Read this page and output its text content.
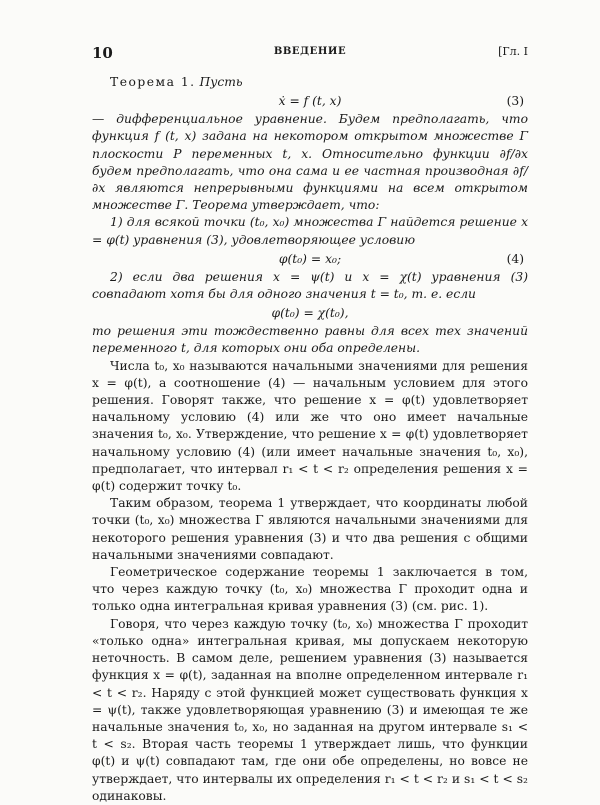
10	ВВЕДЕНИЕ	[Гл. I

Теорема 1. Пусть

ẋ = f (t, x)	(3)

— дифференциальное уравнение. Будем предполагать, что функция f (t, x) задана на некотором открытом множестве Γ плоскости P переменных t, x. Относительно функции ∂f/∂x будем предполагать, что она сама и ее частная производная ∂f/∂x являются непрерывными функциями на всем открытом множестве Γ. Теорема утверждает, что:

1) для всякой точки (t₀, x₀) множества Γ найдется решение x = φ(t) уравнения (3), удовлетворяющее условию

φ(t₀) = x₀;	(4)

2) если два решения x = ψ(t) и x = χ(t) уравнения (3) совпадают хотя бы для одного значения t = t₀, т. е. если

φ(t₀) = χ(t₀),

то решения эти тождественно равны для всех тех значений переменного t, для которых они оба определены.

Числа t₀, x₀ называются начальными значениями для решения x = φ(t), а соотношение (4) — начальным условием для этого решения. Говорят также, что решение x = φ(t) удовлетворяет начальному условию (4) или же что оно имеет начальные значения t₀, x₀. Утверждение, что решение x = φ(t) удовлетворяет начальному условию (4) (или имеет начальные значения t₀, x₀), предполагает, что интервал r₁ < t < r₂ определения решения x = φ(t) содержит точку t₀.

Таким образом, теорема 1 утверждает, что координаты любой точки (t₀, x₀) множества Γ являются начальными значениями для некоторого решения уравнения (3) и что два решения с общими начальными значениями совпадают.

Геометрическое содержание теоремы 1 заключается в том, что через каждую точку (t₀, x₀) множества Γ проходит одна и только одна интегральная кривая уравнения (3) (см. рис. 1).

Говоря, что через каждую точку (t₀, x₀) множества Γ проходит «только одна» интегральная кривая, мы допускаем некоторую неточность. В самом деле, решением уравнения (3) называется функция x = φ(t), заданная на вполне определенном интервале r₁ < t < r₂. Наряду с этой функцией может существовать функция x = ψ(t), также удовлетворяющая уравнению (3) и имеющая те же начальные значения t₀, x₀, но заданная на другом интервале s₁ < t < s₂. Вторая часть теоремы 1 утверждает лишь, что функции φ(t) и ψ(t) совпадают там, где они обе определены, но вовсе не утверждает, что интервалы их определения r₁ < t < r₂ и s₁ < t < s₂ одинаковы.
